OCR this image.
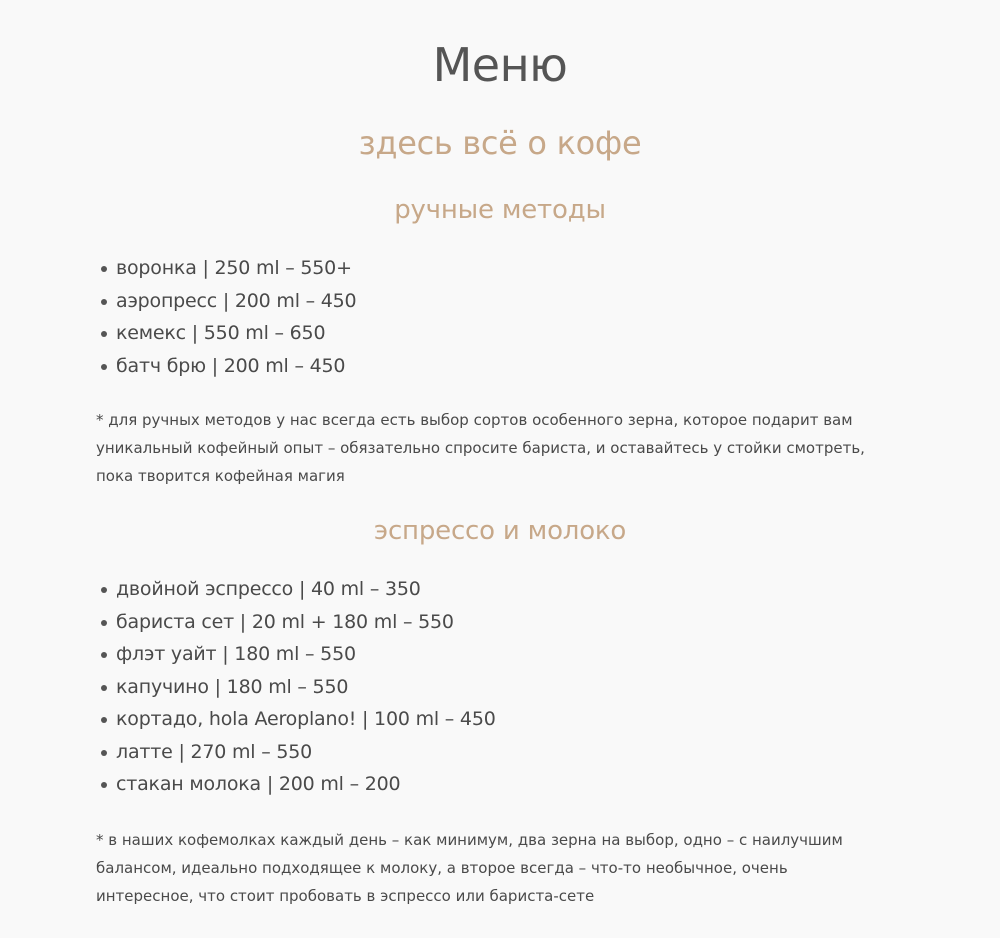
Меню
здесь всё о кофе
ручные методы
воронка | 250 ml – 550+
аэропресс | 200 ml – 450
кемекс | 550 ml – 650
батч брю | 200 ml – 450

* для ручных методов у нас всегда есть выбор сортов особенного зерна, которое подарит вам уникальный кофейный опыт – обязательно спросите бариста, и оставайтесь у стойки смотреть, пока творится кофейная магия

эспрессо и молоко
двойной эспрессо | 40 ml – 350
бариста сет | 20 ml + 180 ml – 550
флэт уайт | 180 ml – 550
капучино | 180 ml – 550
кортадо, hola Aeroplano! | 100 ml – 450
латте | 270 ml – 550
стакан молока | 200 ml – 200

* в наших кофемолках каждый день – как минимум, два зерна на выбор, одно – с наилучшим балансом, идеально подходящее к молоку, а второе всегда – что-то необычное, очень интересное, что стоит пробовать в эспрессо или бариста-сете
